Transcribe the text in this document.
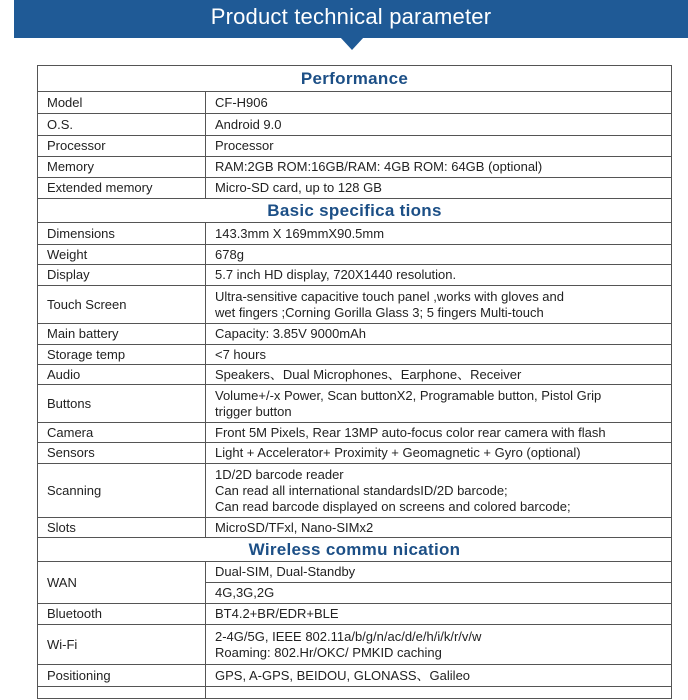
Product technical parameter
Performance	
Model	CF-H906
O.S.	Android 9.0
Processor	Processor
Memory	RAM:2GB ROM:16GB/RAM: 4GB ROM: 64GB (optional)
Extended memory	Micro-SD card, up to 128 GB
Basic specifica tions	
Dimensions	143.3mm X 169mmX90.5mm
Weight	678g
Display	5.7 inch HD display, 720X1440 resolution.
Touch Screen	Ultra-sensitive capacitive touch panel ,works with gloves and
wet fingers ;Corning Gorilla Glass 3; 5 fingers Multi-touch

Main battery	Capacity: 3.85V 9000mAh
Storage temp	<7 hours
Audio	Speakers、Dual Microphones、Earphone、Receiver
Buttons	Volume+/-x Power, Scan buttonX2, Programable button, Pistol Grip
trigger button

Camera	Front 5M Pixels, Rear 13MP auto-focus color rear camera with flash
Sensors	Light + Accelerator+ Proximity + Geomagnetic + Gyro (optional)
Scanning	1D/2D barcode reader
Can read all international standardsID/2D barcode;
Can read barcode displayed on screens and colored barcode;

Slots	MicroSD/TFxl, Nano-SIMx2
Wireless commu nication	
WAN	Dual-SIM, Dual-Standby
	4G,3G,2G
Bluetooth	BT4.2+BR/EDR+BLE
Wi-Fi	2-4G/5G, IEEE 802.11a/b/g/n/ac/d/e/h/i/k/r/v/w
Roaming: 802.Hr/OKC/ PMKID caching

Positioning	GPS, A-GPS, BEIDOU, GLONASS、Galileo
